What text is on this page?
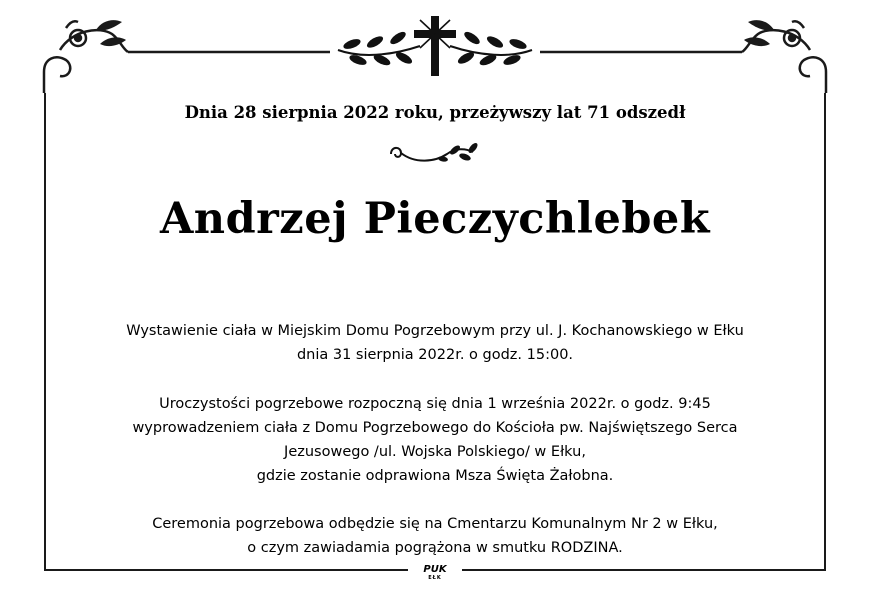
Dnia 28 sierpnia 2022 roku, przeżywszy lat 71 odszedł
Andrzej Pieczychlebek
Wystawienie ciała w Miejskim Domu Pogrzebowym przy ul. J. Kochanowskiego w Ełku
dnia 31 sierpnia 2022r. o godz. 15:00.
Uroczystości pogrzebowe rozpoczną się dnia 1 września 2022r. o godz. 9:45
wyprowadzeniem ciała z Domu Pogrzebowego do Kościoła pw. Najświętszego Serca
Jezusowego /ul. Wojska Polskiego/ w Ełku,
gdzie zostanie odprawiona Msza Święta Żałobna.
Ceremonia pogrzebowa odbędzie się na Cmentarzu Komunalnym Nr 2 w Ełku,
o czym zawiadamia pogrążona w smutku RODZINA.
PUK
EŁK
